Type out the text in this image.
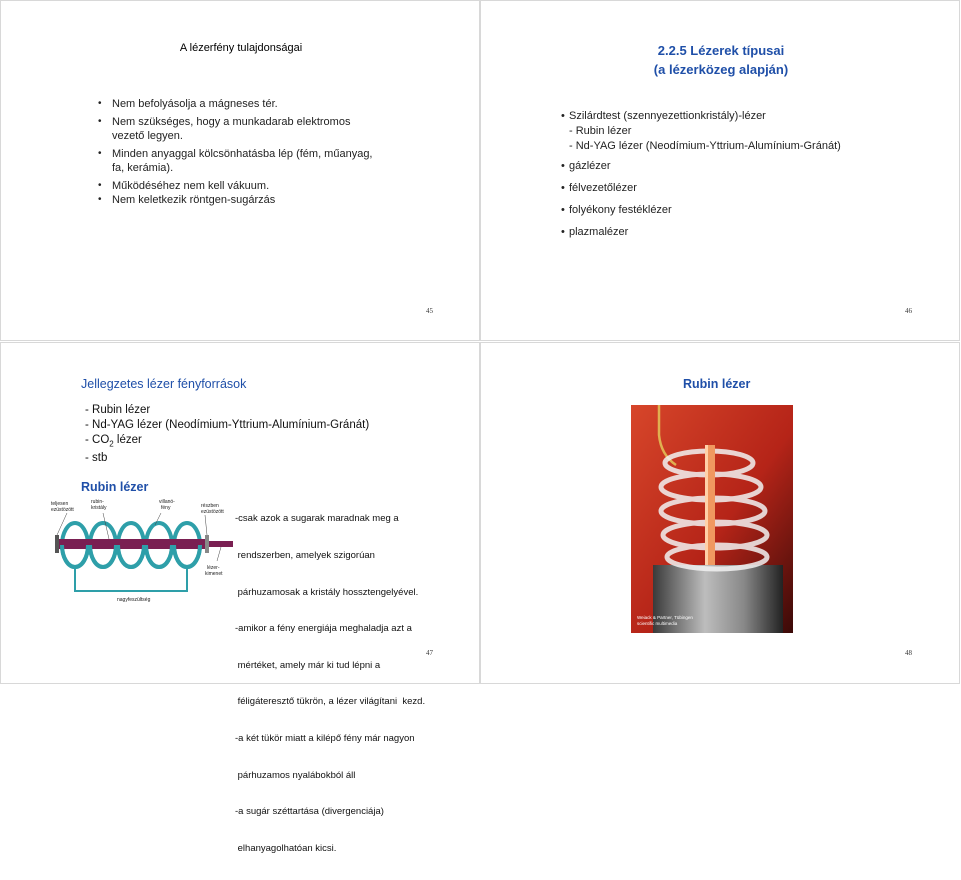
A lézerfény tulajdonságai
• Nem befolyásolja a mágneses tér.
• Nem szükséges, hogy a munkadarab elektromos
vezető legyen.
• Minden anyaggal kölcsönhatásba lép (fém, műanyag,
fa, kerámia).
• Működéséhez nem kell vákuum.
• Nem keletkezik röntgen-sugárzás
45
2.2.5 Lézerek típusai
(a lézerközeg alapján)
• Szilárdtest (szennyezettionkristály)-lézer
- Rubin lézer
- Nd-YAG lézer (Neodímium-Yttrium-Alumínium-Gránát)
• gázlézer
• félvezetőlézer
• folyékony festéklézer
• plazmalézer
46
Jellegzetes lézer fényforrások
- Rubin lézer
- Nd-YAG lézer (Neodímium-Yttrium-Alumínium-Gránát)
- $CO_2$ lézer
- stb
Rubin lézer
teljesen
ezüstözött
rubin-
kristály
villanó-
fény	részben
ezüstözött
lézer-
kimenet
nagyfeszültség

-csak azok a sugarak maradnak meg a

rendszerben, amelyek szigorúan

párhuzamosak a kristály hossztengelyével.

-amikor a fény energiája meghaladja azt a

mértéket, amely már ki tud lépni a

féligáteresztő tükrön, a lézer világítani  kezd.

-a két tükör miatt a kilépő fény már nagyon

párhuzamos nyalábokból áll

-a sugár széttartása (divergenciája)

elhanyagolhatóan kicsi.

47
Rubin lézer
Weiack & Partner, Tübingen
scientific multimedia
48
